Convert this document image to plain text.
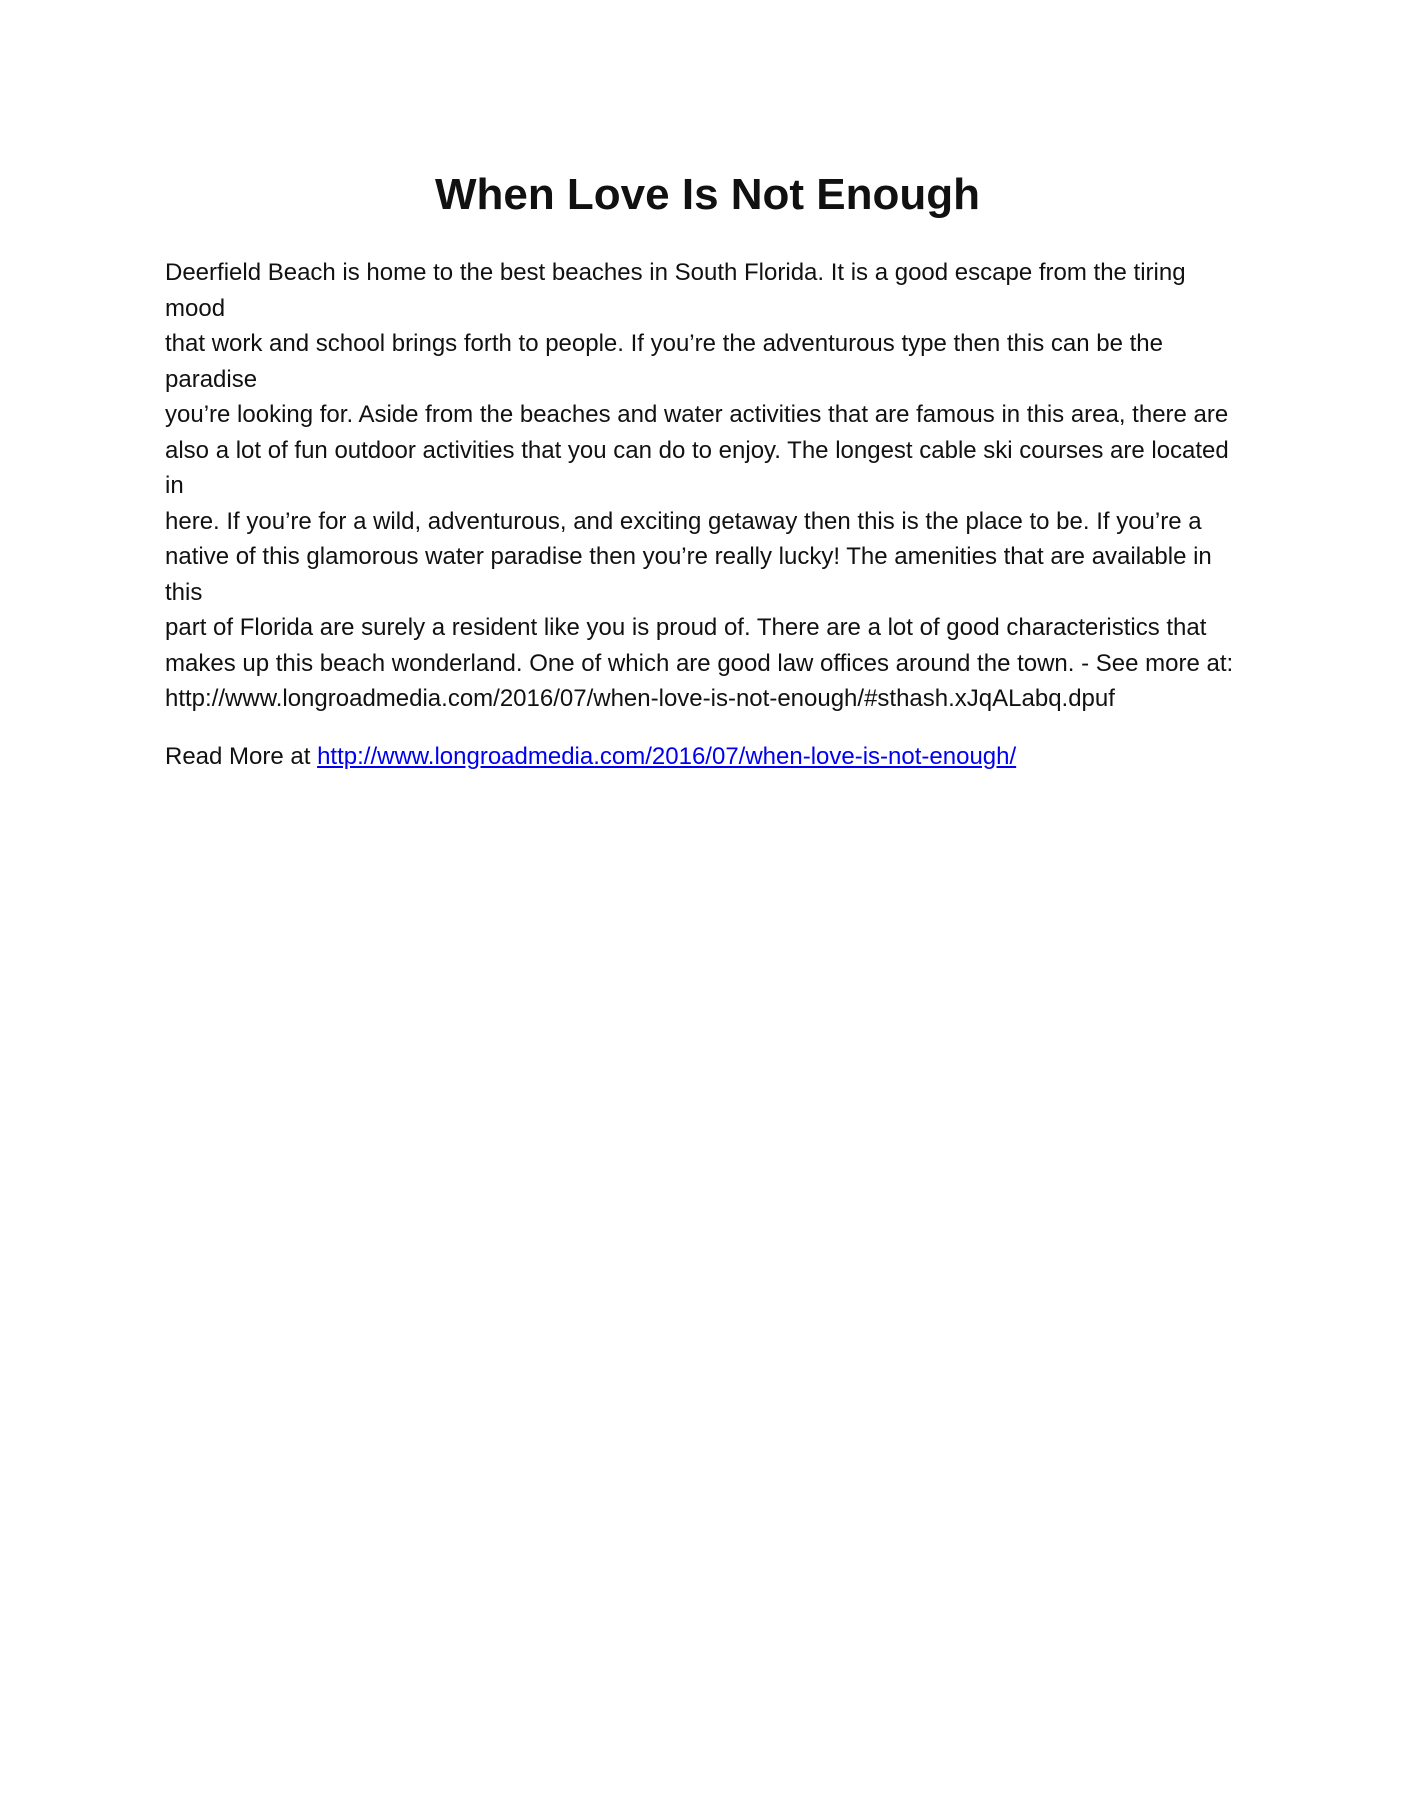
When Love Is Not Enough

Deerfield Beach is home to the best beaches in South Florida. It is a good escape from the tiring mood
that work and school brings forth to people. If you’re the adventurous type then this can be the paradise
you’re looking for. Aside from the beaches and water activities that are famous in this area, there are
also a lot of fun outdoor activities that you can do to enjoy. The longest cable ski courses are located in
here. If you’re for a wild, adventurous, and exciting getaway then this is the place to be. If you’re a
native of this glamorous water paradise then you’re really lucky! The amenities that are available in this
part of Florida are surely a resident like you is proud of. There are a lot of good characteristics that
makes up this beach wonderland. One of which are good law offices around the town. - See more at:
http://www.longroadmedia.com/2016/07/when-love-is-not-enough/#sthash.xJqALabq.dpuf

Read More at http://www.longroadmedia.com/2016/07/when-love-is-not-enough/
